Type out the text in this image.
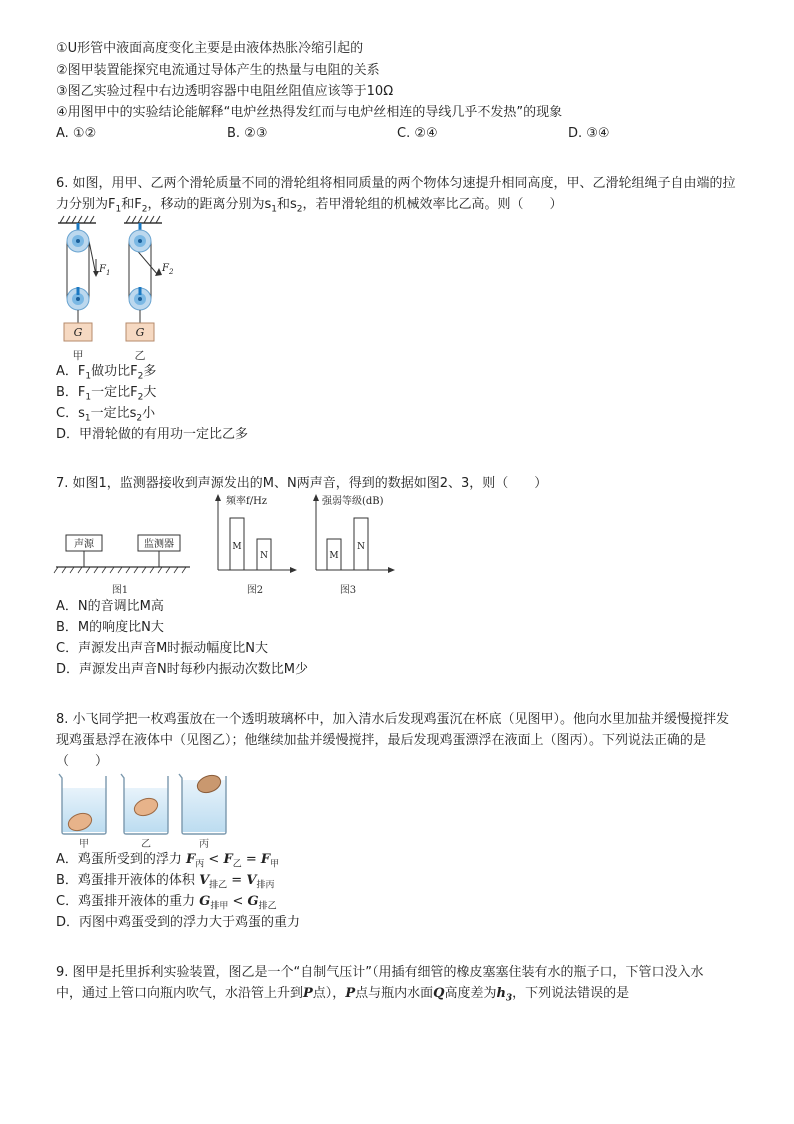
①U形管中液面高度变化主要是由液体热胀冷缩引起的
②图甲装置能探究电流通过导体产生的热量与电阻的关系
③图乙实验过程中右边透明容器中电阻丝阻值应该等于10Ω
④用图甲中的实验结论能解释“电炉丝热得发红而与电炉丝相连的导线几乎不发热”的现象
A. ①②	B. ②③	C. ②④	D. ③④
6. 如图，用甲、乙两个滑轮质量不同的滑轮组将相同质量的两个物体匀速提升相同高度，甲、乙滑轮组绳子自由端的拉
力分别为$F_1$和$F_2$，移动的距离分别为$s_1$和$s_2$，若甲滑轮组的机械效率比乙高。则（　　）
$F_1$
G
甲
$F_2$
G
乙
A．$F_1$做功比$F_2$多
B．$F_1$一定比$F_2$大
C．$s_1$一定比$s_2$小
D．甲滑轮做的有用功一定比乙多
7. 如图1，监测器接收到声源发出的M、N两声音，得到的数据如图2、3，则（　　）
声源	监测器
图1
频率f/Hz
M
N
图2
强弱等级(dB)
M
N
图3
A．N的音调比M高
B．M的响度比N大
C．声源发出声音M时振动幅度比N大
D．声源发出声音N时每秒内振动次数比M少
8. 小飞同学把一枚鸡蛋放在一个透明玻璃杯中，加入清水后发现鸡蛋沉在杯底（见图甲）。他向水里加盐并缓慢搅拌发
现鸡蛋悬浮在液体中（见图乙）；他继续加盐并缓慢搅拌，最后发现鸡蛋漂浮在液面上（图丙）。下列说法正确的是
（　　）
甲	乙	丙
A．鸡蛋所受到的浮力 $F_丙 < F_乙 = F_甲$
B．鸡蛋排开液体的体积 $V_{排乙} = V_{排丙}$
C．鸡蛋排开液体的重力 $G_{排甲} < G_{排乙}$
D．丙图中鸡蛋受到的浮力大于鸡蛋的重力
9. 图甲是托里拆利实验装置，图乙是一个“自制气压计”（用插有细管的橡皮塞塞住装有水的瓶子口，下管口没入水
中，通过上管口向瓶内吹气，水沿管上升到P点），P点与瓶内水面Q高度差为$h_3$，下列说法错误的是
